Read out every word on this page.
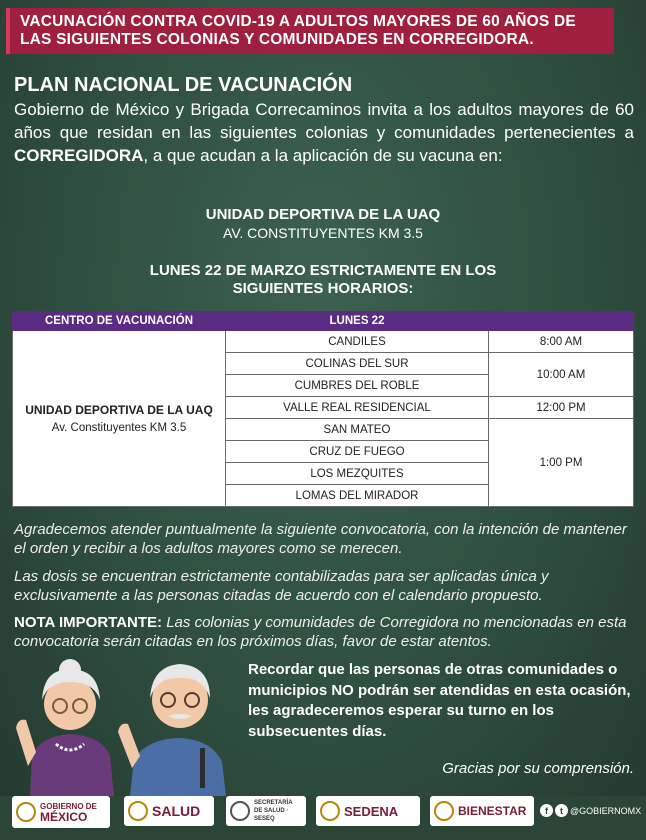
VACUNACIÓN CONTRA COVID-19 A ADULTOS MAYORES DE 60 AÑOS DE
LAS SIGUIENTES COLONIAS Y COMUNIDADES EN CORREGIDORA.
PLAN NACIONAL DE VACUNACIÓN
Gobierno de México y Brigada Correcaminos invita a los adultos mayores de 60 años que residan en las siguientes colonias y comunidades pertenecientes a CORREGIDORA, a que acudan a la aplicación de su vacuna en:
UNIDAD DEPORTIVA DE LA UAQ
AV. CONSTITUYENTES KM 3.5
LUNES 22 DE MARZO ESTRICTAMENTE EN LOS
SIGUIENTES HORARIOS:
CENTRO DE VACUNACIÓN	LUNES 22	

UNIDAD DEPORTIVA DE LA UAQ
Av. Constituyentes KM 3.5	CANDILES	8:00 AM
	COLINAS DEL SUR	10:00 AM
	CUMBRES DEL ROBLE	
	VALLE REAL RESIDENCIAL	12:00 PM
	SAN MATEO	1:00 PM
	CRUZ DE FUEGO	
	LOS MEZQUITES	
	LOMAS DEL MIRADOR	
Agradecemos atender puntualmente la siguiente convocatoria, con la intención de mantener el orden y recibir a los adultos mayores como se merecen.
Las dosis se encuentran estrictamente contabilizadas para ser aplicadas única y exclusivamente a las personas citadas de acuerdo con el calendario propuesto.
NOTA IMPORTANTE: Las colonias y comunidades de Corregidora no mencionadas en esta convocatoria serán citadas en los próximos días, favor de estar atentos.
Recordar que las personas de otras comunidades o municipios NO podrán ser atendidas en esta ocasión, les agradeceremos esperar su turno en los subsecuentes días.
Gracias por su comprensión.
GOBIERNO DE
MÉXICO	SALUD	SECRETARÍA
DE SALUD · SESEQ
SEDENA	BIENESTAR	f	t @GOBIERNOMX
